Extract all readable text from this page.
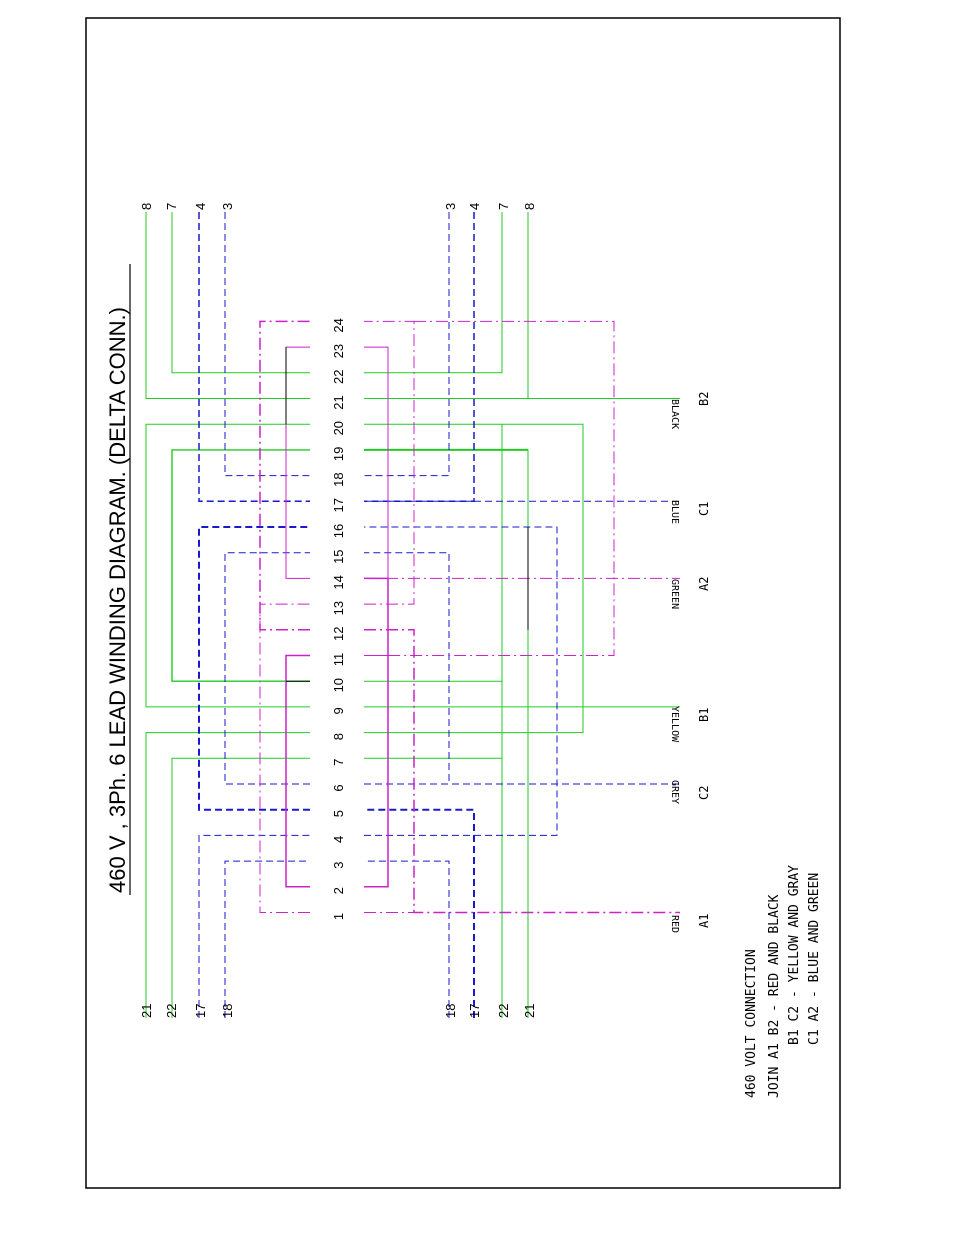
460 V , 3Ph. 6 LEAD WINDING DIAGRAM. (DELTA CONN.)
1
2
3
4
5
6
7
8
9
10
11
12
13
14
15
16
17
18
19
20
21
22
23
24
8 7 4 3	3 4 7 8
21 22 17 18	18 17 22 21
RED A1
GREY C2
YELLOW B1
GREEN A2
BLUE C1
BLACK
B2
460 VOLT CONNECTION JOIN A1 B2 - RED AND BLACK B1 C2 - YELLOW AND GRAY C1 A2 - BLUE AND GREEN
